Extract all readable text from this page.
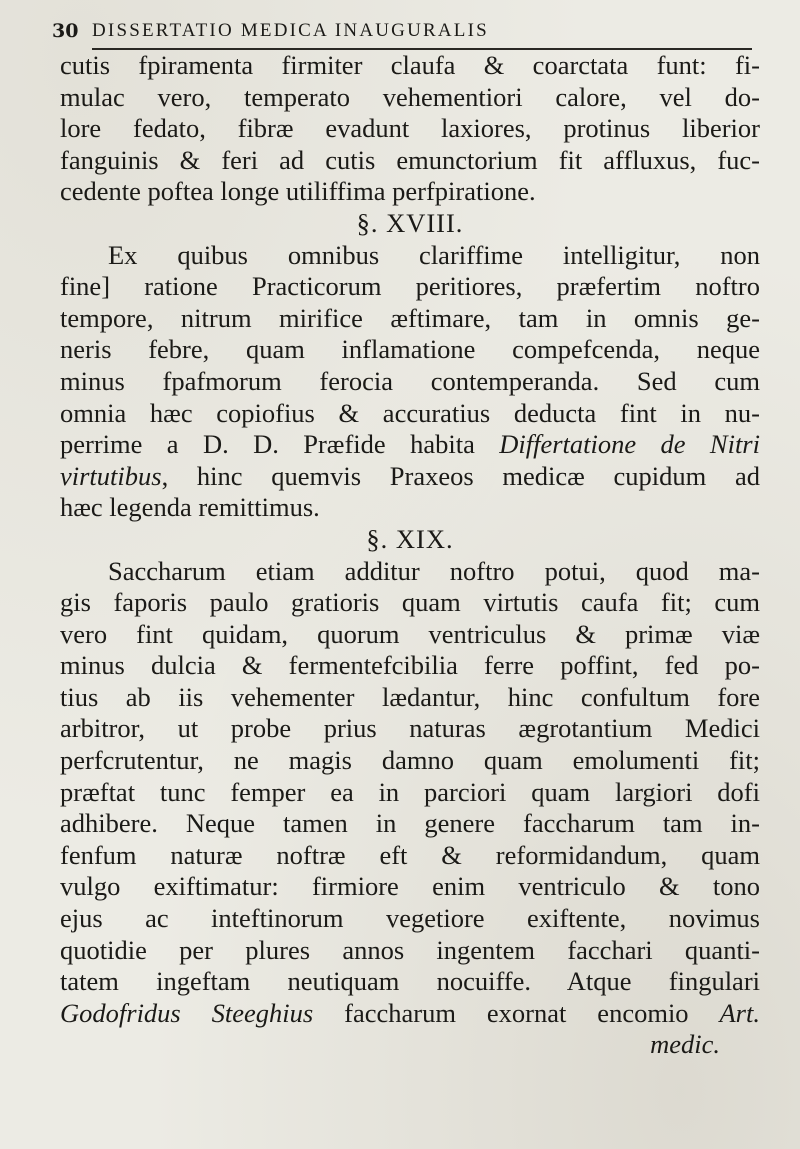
30 DISSERTATIO MEDICA INAUGURALIS
cutis fpiramenta firmiter claufa & coarctata funt: fi-
mulac vero, temperato vehementiori calore, vel do-
lore fedato, fibræ evadunt laxiores, protinus liberior
fanguinis & feri ad cutis emunctorium fit affluxus, fuc-
cedente poftea longe utiliffima perfpiratione.
§. XVIII.
Ex quibus omnibus clariffime intelligitur, non
fine] ratione Practicorum peritiores, præfertim noftro
tempore, nitrum mirifice æftimare, tam in omnis ge-
neris febre, quam inflamatione compefcenda, neque
minus fpafmorum ferocia contemperanda. Sed cum
omnia hæc copiofius & accuratius deducta fint in nu-
perrime a D. D. Præfide habita Differtatione de Nitri
virtutibus, hinc quemvis Praxeos medicæ cupidum ad
hæc legenda remittimus.
§. XIX.
Saccharum etiam additur noftro potui, quod ma-
gis faporis paulo gratioris quam virtutis caufa fit; cum
vero fint quidam, quorum ventriculus & primæ viæ
minus dulcia & fermentefcibilia ferre poffint, fed po-
tius ab iis vehementer lædantur, hinc confultum fore
arbitror, ut probe prius naturas ægrotantium Medici
perfcrutentur, ne magis damno quam emolumenti fit;
præftat tunc femper ea in parciori quam largiori dofi
adhibere. Neque tamen in genere faccharum tam in-
fenfum naturæ noftræ eft & reformidandum, quam
vulgo exiftimatur: firmiore enim ventriculo & tono
ejus ac inteftinorum vegetiore exiftente, novimus
quotidie per plures annos ingentem facchari quanti-
tatem ingeftam neutiquam nocuiffe. Atque fingulari
Godofridus Steeghius faccharum exornat encomio Art.
medic.
